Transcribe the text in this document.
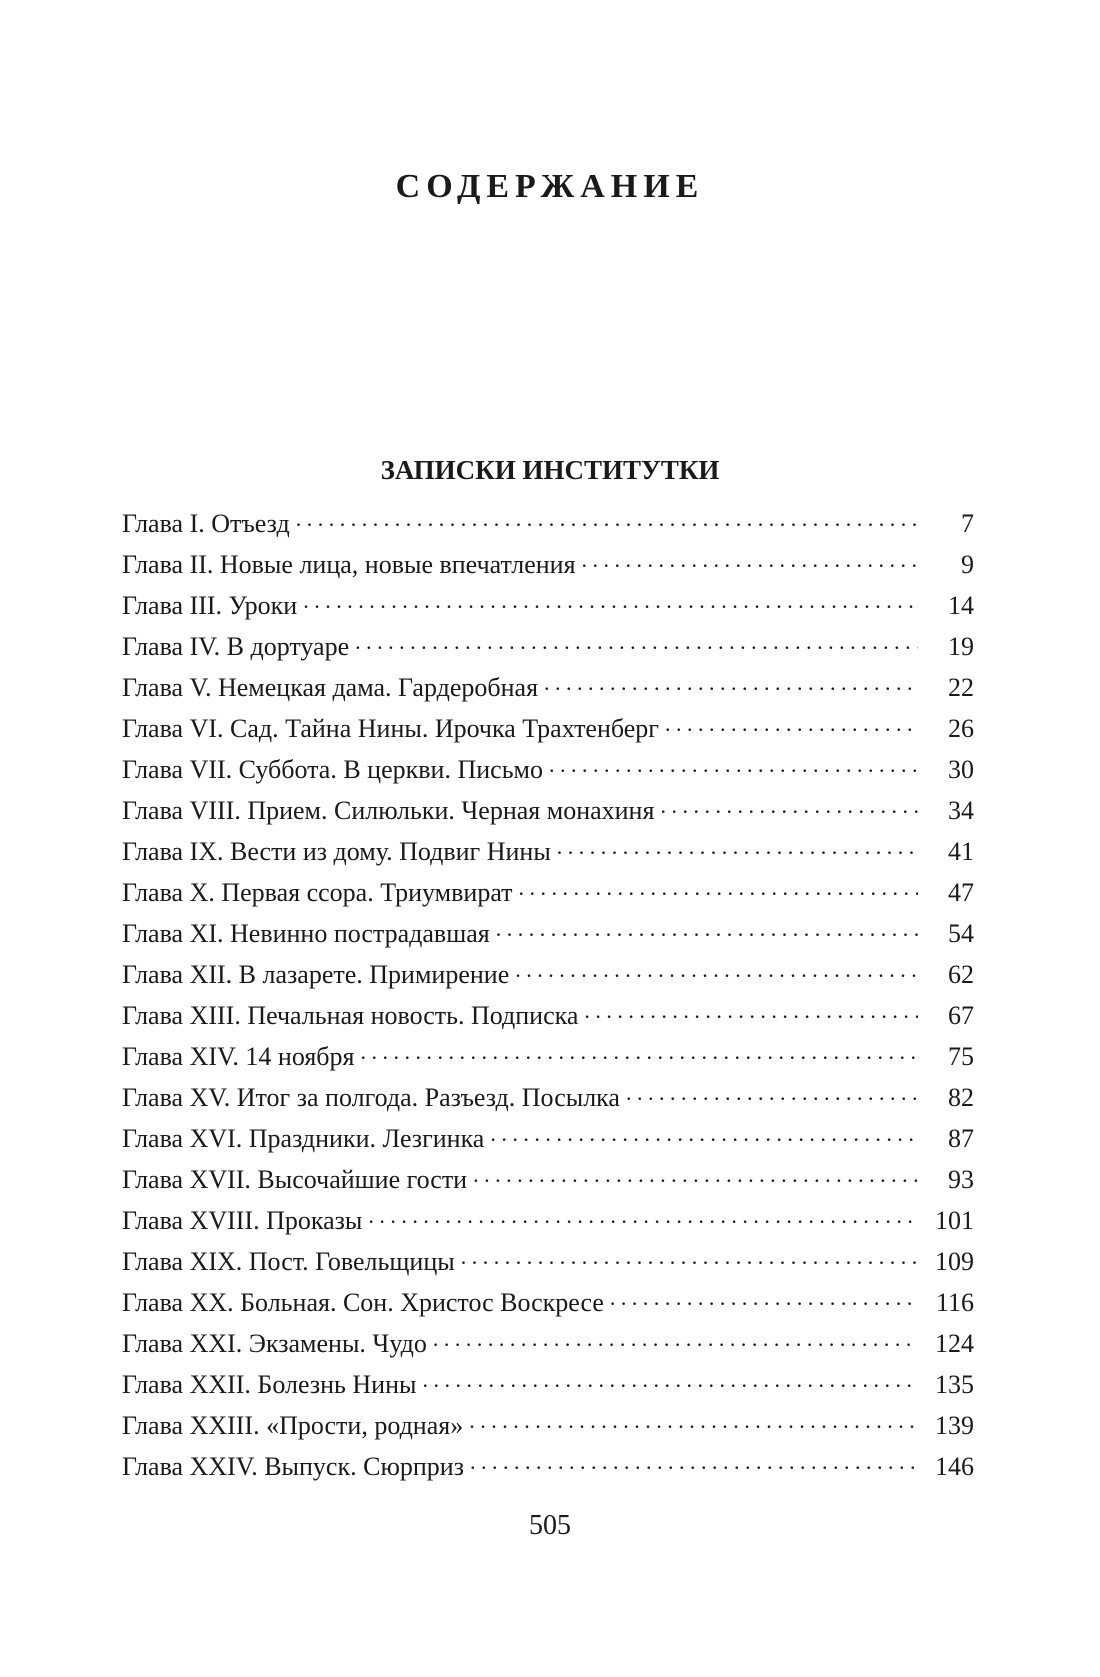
СОДЕРЖАНИЕ
ЗАПИСКИ ИНСТИТУТКИ
Глава I. Отъезд . . .	7
Глава II. Новые лица, новые впечатления . . .	9
Глава III. Уроки . . .	14
Глава IV. В дортуаре . . .	19
Глава V. Немецкая дама. Гардеробная . . .	22
Глава VI. Сад. Тайна Нины. Ирочка Трахтенберг . . .	26
Глава VII. Суббота. В церкви. Письмо . . .	30
Глава VIII. Прием. Силюльки. Черная монахиня . . .	34
Глава IX. Вести из дому. Подвиг Нины . . .	41
Глава X. Первая ссора. Триумвират . . .	47
Глава XI. Невинно пострадавшая . . .	54
Глава XII. В лазарете. Примирение . . .	62
Глава XIII. Печальная новость. Подписка . . .	67
Глава XIV. 14 ноября . . .	75
Глава XV. Итог за полгода. Разъезд. Посылка . . .	82
Глава XVI. Праздники. Лезгинка . . .	87
Глава XVII. Высочайшие гости . . .	93
Глава XVIII. Проказы . . .	101
Глава XIX. Пост. Говельщицы . . .	109
Глава XX. Больная. Сон. Христос Воскресе . . .	116
Глава XXI. Экзамены. Чудо . . .	124
Глава XXII. Болезнь Нины . . .	135
Глава XXIII. «Прости, родная» . . .	139
Глава XXIV. Выпуск. Сюрприз . . .	146
505
